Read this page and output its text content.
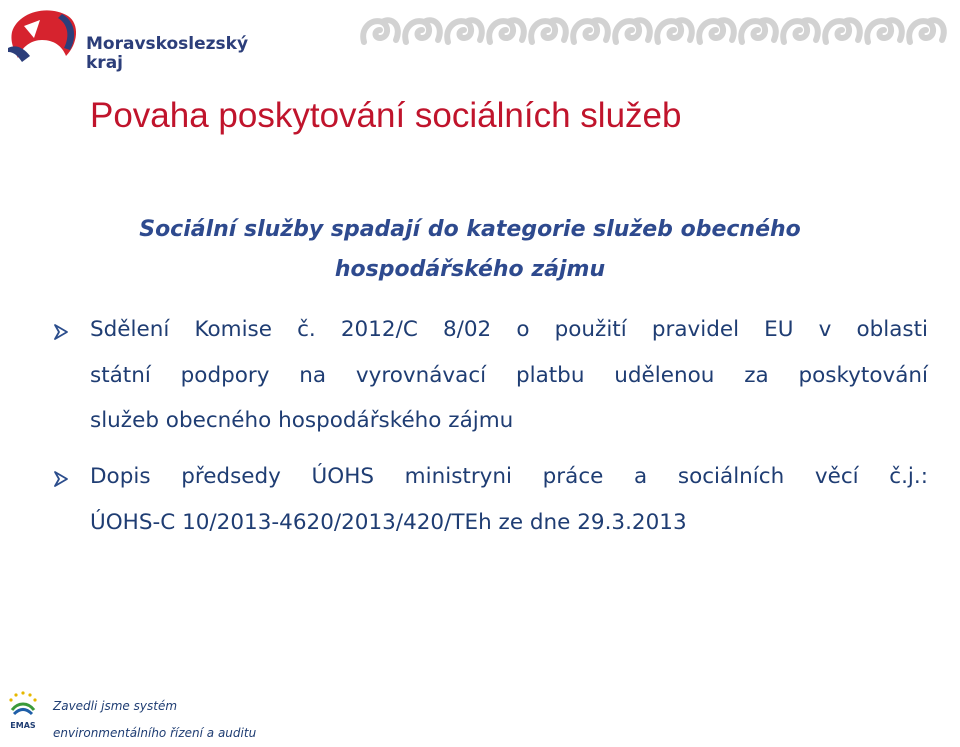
Moravskoslezský
kraj
Povaha poskytování sociálních služeb
Sociální služby spadají do kategorie služeb obecného
hospodářského zájmu

Sdělení Komise č. 2012/C 8/02 o použití pravidel EU v oblasti
státní podpory na vyrovnávací platbu udělenou za poskytování
služeb obecného hospodářského zájmu

Dopis předsedy ÚOHS ministryni práce a sociálních věcí č.j.:
ÚOHS-C 10/2013-4620/2013/420/TEh ze dne 29.3.2013

EMAS
Zavedli jsme systém
environmentálního řízení a auditu
